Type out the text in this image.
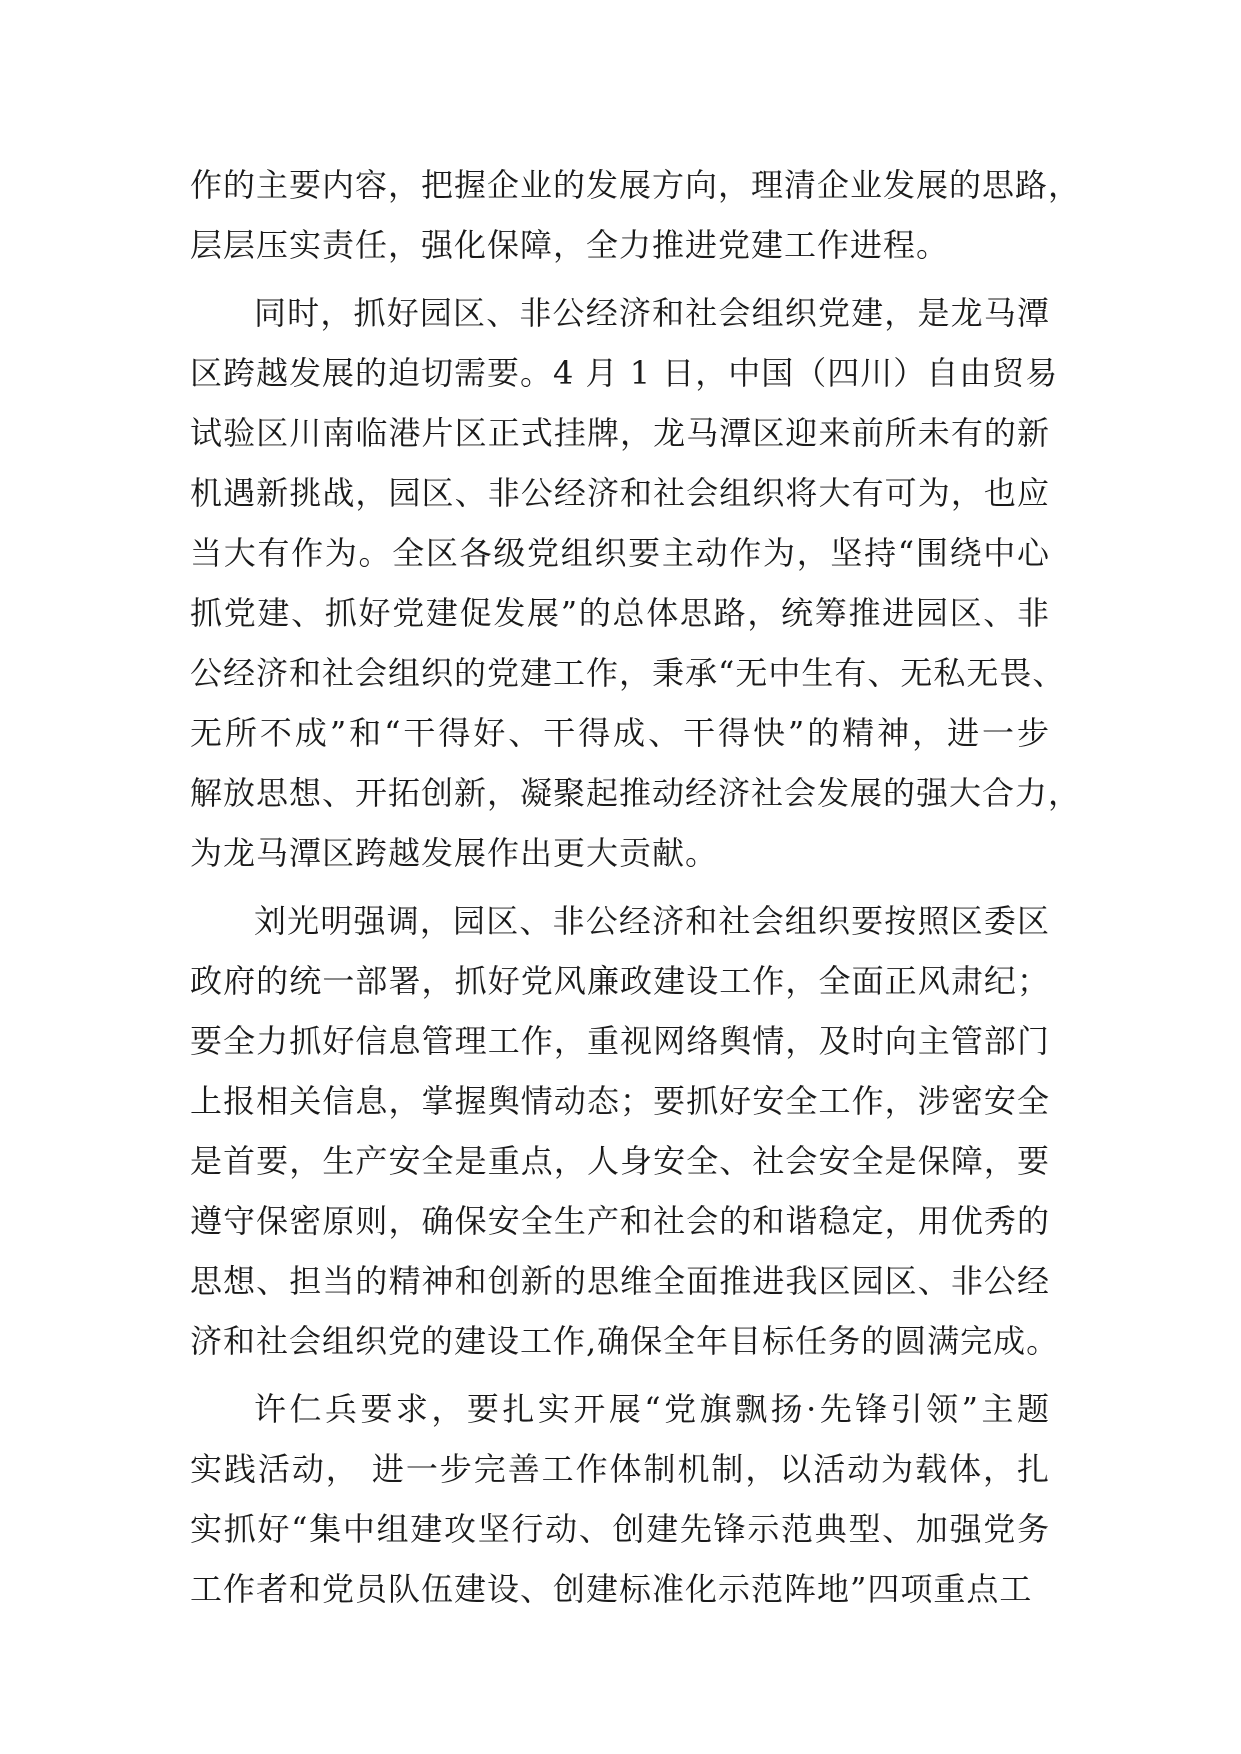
作的主要内容，把握企业的发展方向，理清企业发展的思路，
层层压实责任，强化保障，全力推进党建工作进程。
同时，抓好园区、非公经济和社会组织党建，是龙马潭
区跨越发展的迫切需要。4 月 1 日，中国（四川）自由贸易
试验区川南临港片区正式挂牌，龙马潭区迎来前所未有的新
机遇新挑战，园区、非公经济和社会组织将大有可为，也应
当大有作为。全区各级党组织要主动作为，坚持“围绕中心
抓党建、抓好党建促发展”的总体思路，统筹推进园区、非
公经济和社会组织的党建工作，秉承“无中生有、无私无畏、
无所不成”和“干得好、干得成、干得快”的精神，进一步
解放思想、开拓创新，凝聚起推动经济社会发展的强大合力，
为龙马潭区跨越发展作出更大贡献。
刘光明强调，园区、非公经济和社会组织要按照区委区
政府的统一部署，抓好党风廉政建设工作，全面正风肃纪；
要全力抓好信息管理工作，重视网络舆情，及时向主管部门
上报相关信息，掌握舆情动态；要抓好安全工作，涉密安全
是首要，生产安全是重点，人身安全、社会安全是保障，要
遵守保密原则，确保安全生产和社会的和谐稳定，用优秀的
思想、担当的精神和创新的思维全面推进我区园区、非公经
济和社会组织党的建设工作,确保全年目标任务的圆满完成。
许仁兵要求，要扎实开展“党旗飘扬·先锋引领”主题
实践活动， 进一步完善工作体制机制，以活动为载体，扎
实抓好“集中组建攻坚行动、创建先锋示范典型、加强党务
工作者和党员队伍建设、创建标准化示范阵地”四项重点工
